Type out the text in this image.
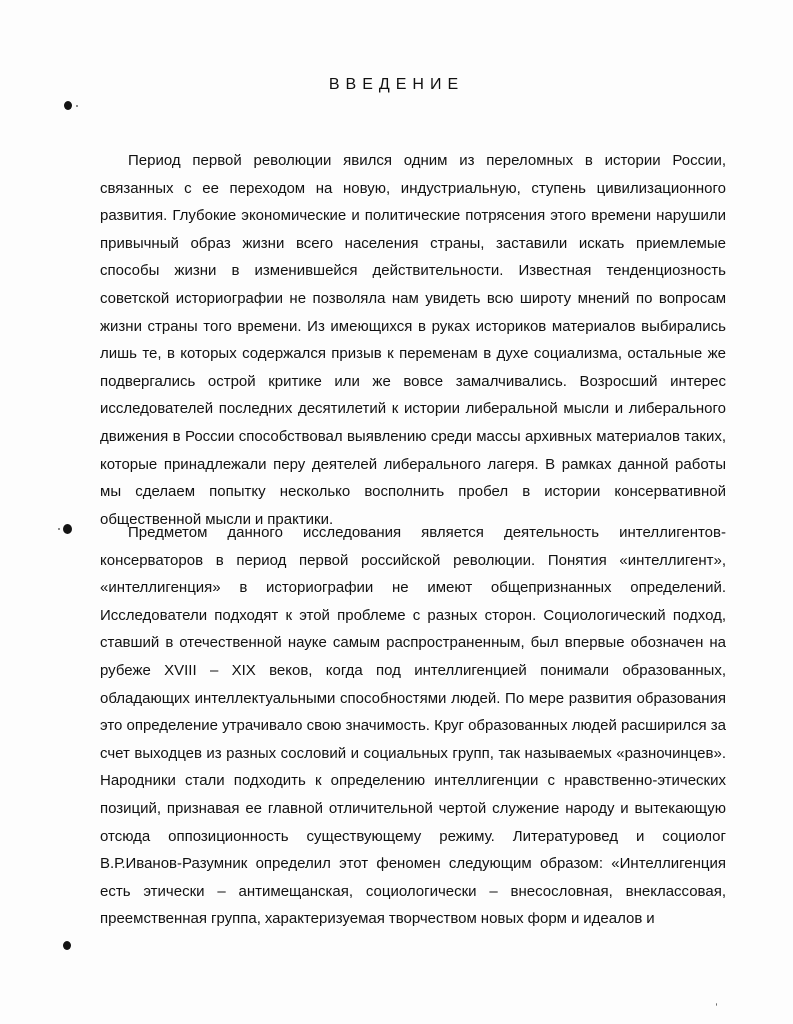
ВВЕДЕНИЕ

Период первой революции явился одним из переломных в истории России, связанных с ее переходом на новую, индустриальную, ступень цивилизационного развития. Глубокие экономические и политические потрясения этого времени нарушили привычный образ жизни всего населения страны, заставили искать приемлемые способы жизни в изменившейся действительности. Известная тенденциозность советской историографии не позволяла нам увидеть всю широту мнений по вопросам жизни страны того времени. Из имеющихся в руках историков материалов выбирались лишь те, в которых содержался призыв к переменам в духе социализма, остальные же подвергались острой критике или же вовсе замалчивались. Возросший интерес исследователей последних десятилетий к истории либеральной мысли и либерального движения в России способствовал выявлению среди массы архивных материалов таких, которые принадлежали перу деятелей либерального лагеря. В рамках данной работы мы сделаем попытку несколько восполнить пробел в истории консервативной общественной мысли и практики.

Предметом данного исследования является деятельность интеллигентов-консерваторов в период первой российской революции. Понятия «интеллигент», «интеллигенция» в историографии не имеют общепризнанных определений. Исследователи подходят к этой проблеме с разных сторон. Социологический подход, ставший в отечественной науке самым распространенным, был впервые обозначен на рубеже XVIII – XIX веков, когда под интеллигенцией понимали образованных, обладающих интеллектуальными способностями людей. По мере развития образования это определение утрачивало свою значимость. Круг образованных людей расширился за счет выходцев из разных сословий и социальных групп, так называемых «разночинцев». Народники стали подходить к определению интеллигенции с нравственно-этических позиций, признавая ее главной отличительной чертой служение народу и вытекающую отсюда оппозиционность существующему режиму. Литературовед и социолог В.Р.Иванов-Разумник определил этот феномен следующим образом: «Интеллигенция есть этически – антимещанская, социологически – внесословная, внеклассовая, преемственная группа, характеризуемая творчеством новых форм и идеалов и
